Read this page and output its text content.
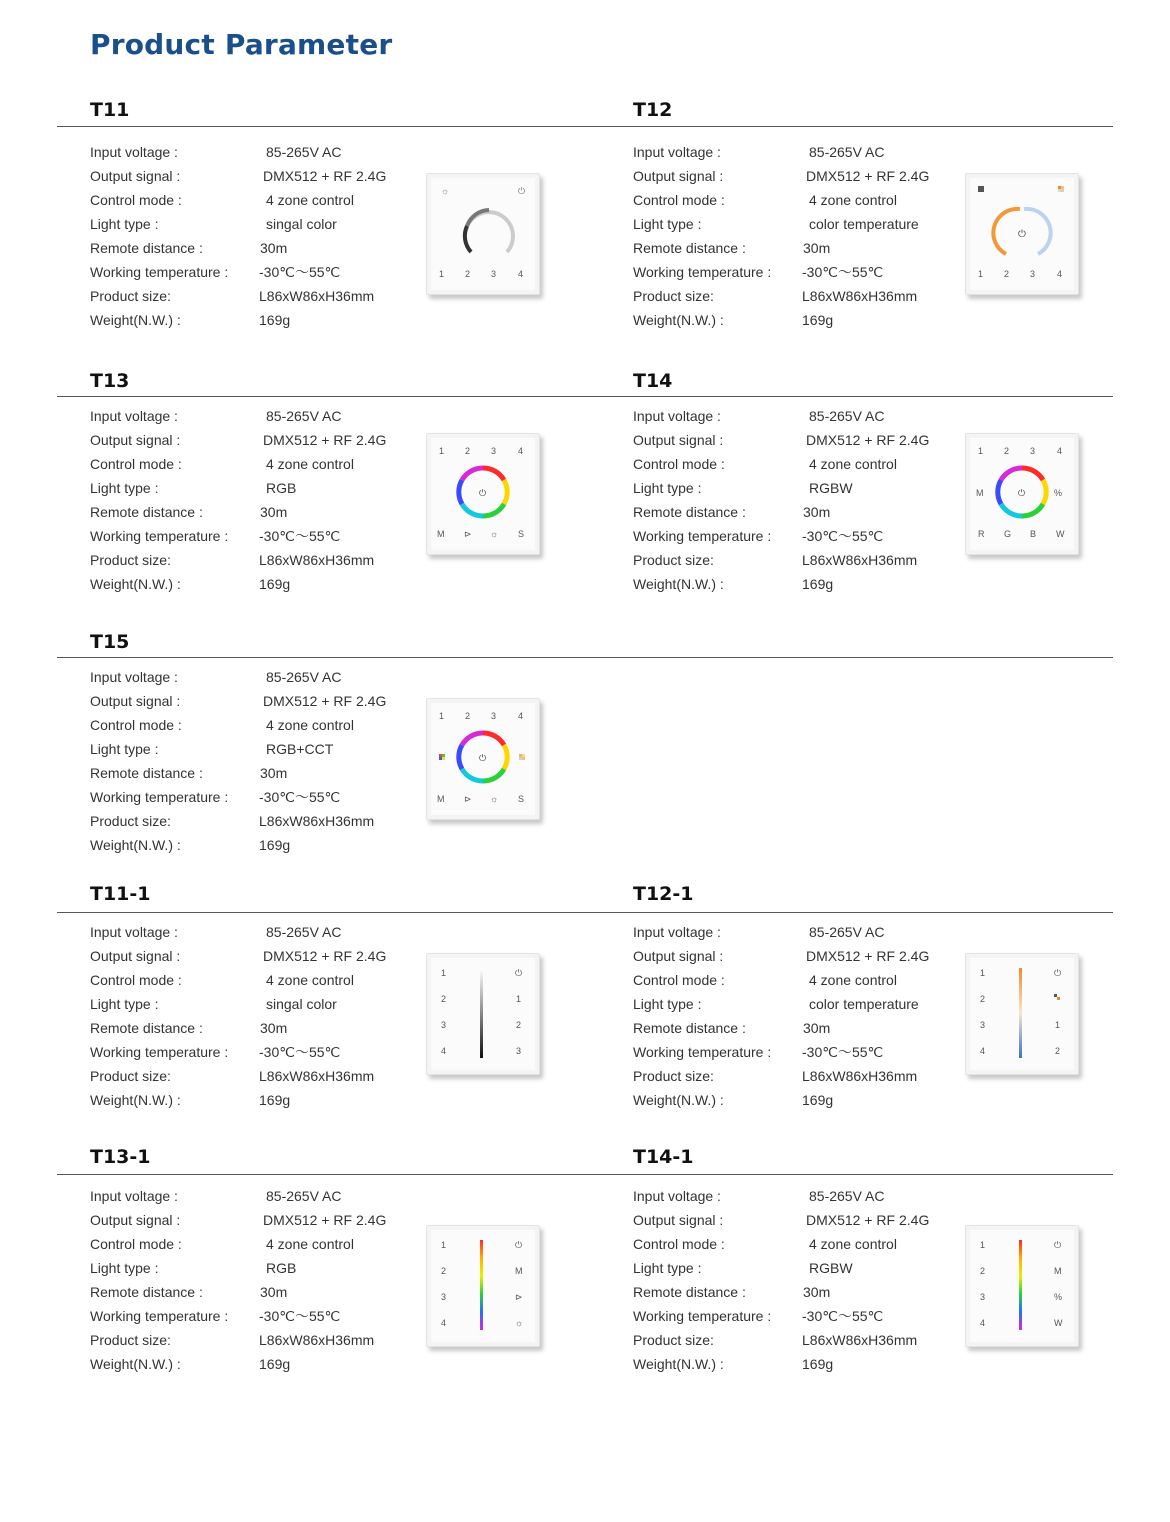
Product Parameter
T11
Input voltage :	85-265V AC
Output signal :	DMX512 + RF 2.4G
Control mode :	4 zone control
Light type :	singal color
Remote distance :	30m
Working temperature : -30℃～55℃
Product size:	L86xW86xH36mm
Weight(N.W.) :	169g
☼	⏻
1 2 3 4
T12
Input voltage :	85-265V AC
Output signal :	DMX512 + RF 2.4G
Control mode :	4 zone control
Light type :	color temperature
Remote distance :	30m
Working temperature : -30℃～55℃
Product size:	L86xW86xH36mm
Weight(N.W.) :	169g
⏻
1 2 3 4
T13
Input voltage :	85-265V AC
Output signal :	DMX512 + RF 2.4G
Control mode :	4 zone control
Light type :	RGB
Remote distance :	30m
Working temperature : -30℃～55℃
Product size:	L86xW86xH36mm
Weight(N.W.) :	169g
1 2 3 4
⏻
M ⊳ ☼ S
T14
Input voltage :	85-265V AC
Output signal :	DMX512 + RF 2.4G
Control mode :	4 zone control
Light type :	RGBW
Remote distance :	30m
Working temperature : -30℃～55℃
Product size:	L86xW86xH36mm
Weight(N.W.) :	169g
1 2 3 4
M	%
⏻
R G B W
T15
Input voltage :	85-265V AC
Output signal :	DMX512 + RF 2.4G
Control mode :	4 zone control
Light type :	RGB+CCT
Remote distance :	30m
Working temperature : -30℃～55℃
Product size:	L86xW86xH36mm
Weight(N.W.) :	169g
1 2 3 4
⏻
M ⊳ ☼ S
T11-1
Input voltage :	85-265V AC
Output signal :	DMX512 + RF 2.4G
Control mode :	4 zone control
Light type :	singal color
Remote distance :	30m
Working temperature : -30℃～55℃
Product size:	L86xW86xH36mm
Weight(N.W.) :	169g
1
2
3
4
⏻
1
2
3
T12-1
Input voltage :	85-265V AC
Output signal :	DMX512 + RF 2.4G
Control mode :	4 zone control
Light type :	color temperature
Remote distance :	30m
Working temperature : -30℃～55℃
Product size:	L86xW86xH36mm
Weight(N.W.) :	169g
1
2
3
4
⏻
1
2
T13-1
Input voltage :	85-265V AC
Output signal :	DMX512 + RF 2.4G
Control mode :	4 zone control
Light type :	RGB
Remote distance :	30m
Working temperature : -30℃～55℃
Product size:	L86xW86xH36mm
Weight(N.W.) :	169g
1
2
3
4
⏻
M
⊳
☼
T14-1
Input voltage :	85-265V AC
Output signal :	DMX512 + RF 2.4G
Control mode :	4 zone control
Light type :	RGBW
Remote distance :	30m
Working temperature : -30℃～55℃
Product size:	L86xW86xH36mm
Weight(N.W.) :	169g
1
2
3
4
⏻
M
%
W
